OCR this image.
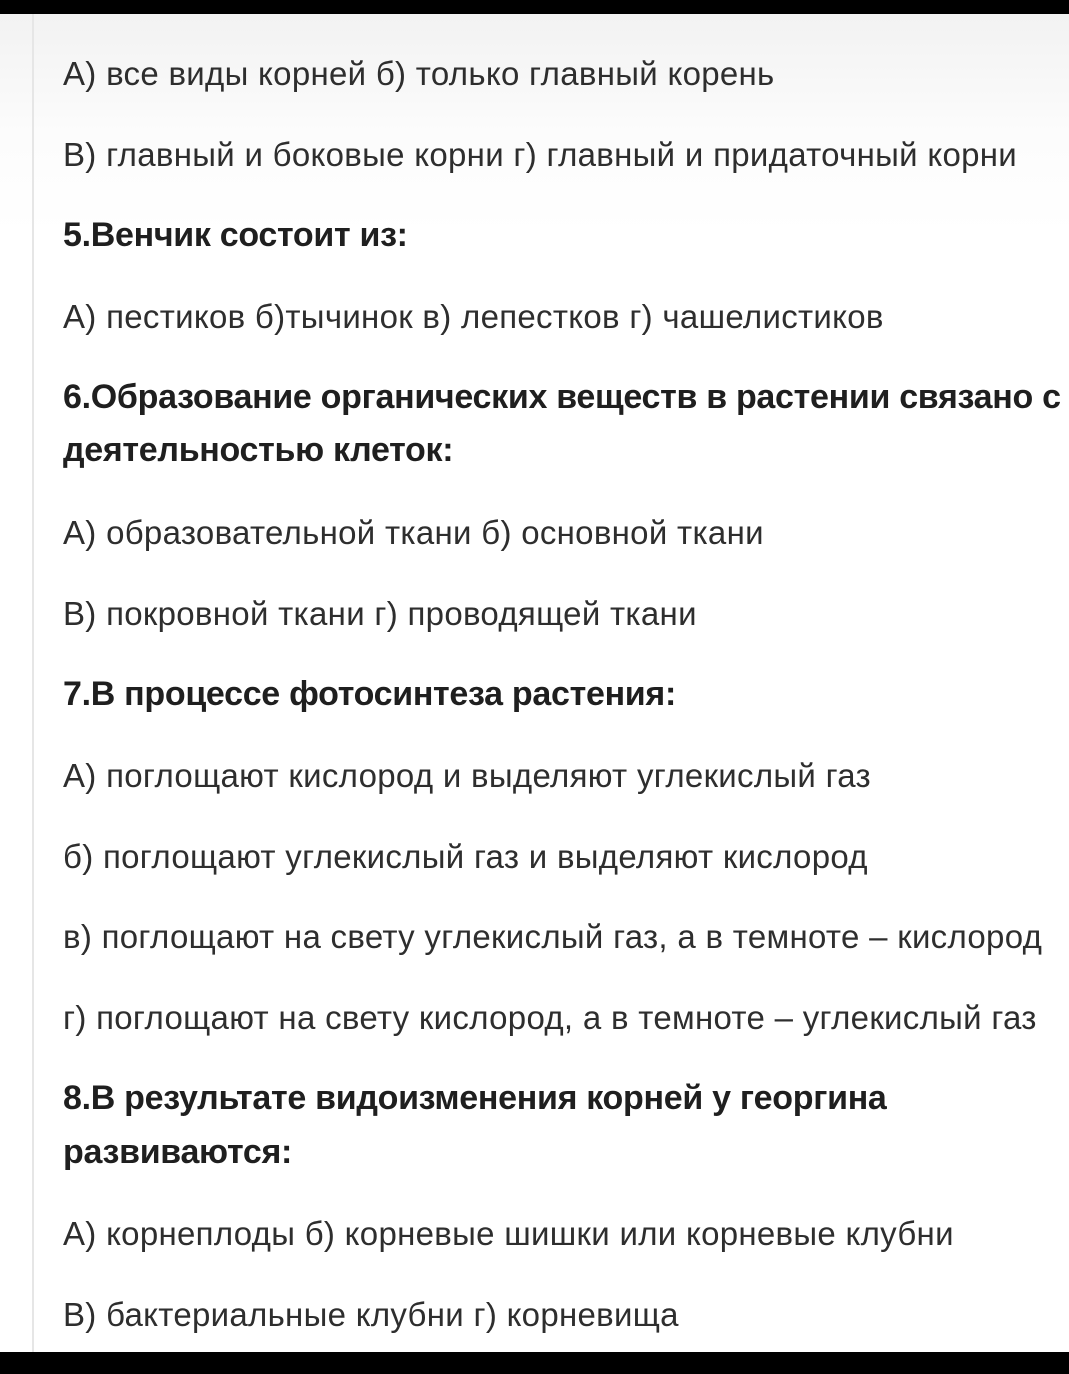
А) все виды корней б) только главный корень
В) главный и боковые корни г) главный и придаточный корни
5.Венчик состоит из:
А) пестиков б)тычинок в) лепестков г) чашелистиков
6.Образование органических веществ в растении связано с
деятельностью клеток:
А) образовательной ткани б) основной ткани
В) покровной ткани г) проводящей ткани
7.В процессе фотосинтеза растения:
А) поглощают кислород и выделяют углекислый газ
б) поглощают углекислый газ и выделяют кислород
в) поглощают на свету углекислый газ, а в темноте – кислород
г) поглощают на свету кислород, а в темноте – углекислый газ
8.В результате видоизменения корней у георгина
развиваются:
А) корнеплоды б) корневые шишки или корневые клубни
В) бактериальные клубни г) корневища
